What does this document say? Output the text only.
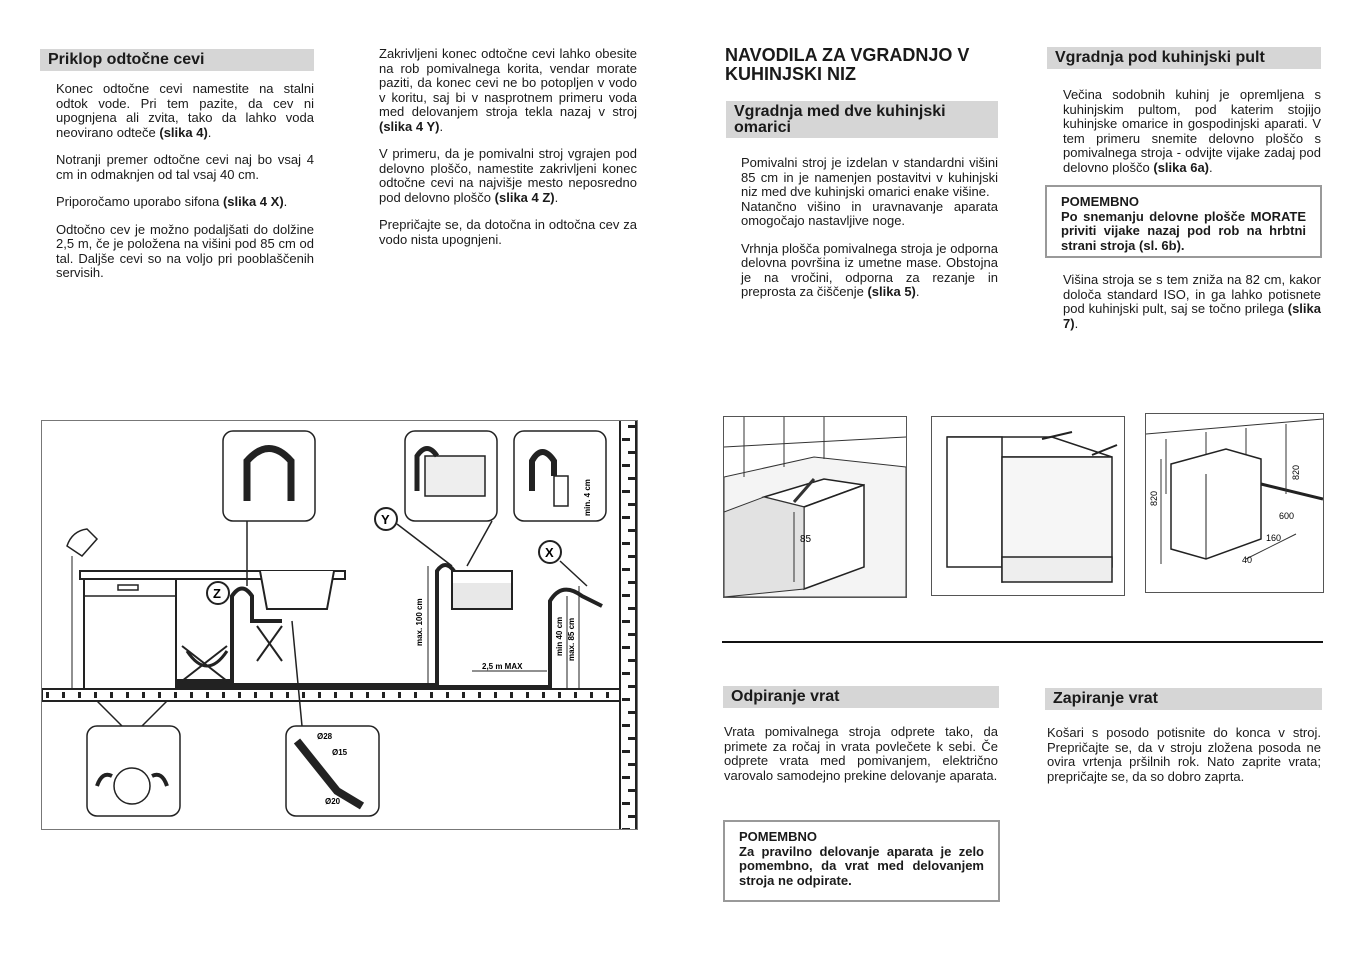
Priklop odtočne cevi

Konec odtočne cevi namestite na stalni odtok vode. Pri tem pazite, da cev ni upognjena ali zvita, tako da lahko voda neovirano odteče (slika 4).

Notranji premer odtočne cevi naj bo vsaj 4 cm in odmaknjen od tal vsaj 40 cm.

Priporočamo uporabo sifona (slika 4 X).

Odtočno cev je možno podaljšati do dolžine 2,5 m, če je položena na višini pod 85 cm od tal. Daljše cevi so na voljo pri pooblaščenih servisih.

Zakrivljeni konec odtočne cevi lahko obesite na rob pomivalnega korita, vendar morate paziti, da konec cevi ne bo potopljen v vodo v koritu, saj bi v nasprotnem primeru voda med delovanjem stroja tekla nazaj v stroj (slika 4 Y).

V primeru, da je pomivalni stroj vgrajen pod delovno ploščo, namestite zakrivljeni konec odtočne cevi na najvišje mesto neposredno pod delovno ploščo (slika 4 Z).

Prepričajte se, da dotočna in odtočna cev za vodo nista upognjeni.

2,5 m MAX
max. 100 cm	min 40 cm max. 85 cm
min. 4 cm
Z
Y
X
Ø28
Ø15
Ø20
NAVODILA ZA VGRADNJO V KUHINJSKI NIZ
Vgradnja med dve kuhinjski omarici

Pomivalni stroj je izdelan v standardni višini 85 cm in je namenjen postavitvi v kuhinjski niz med dve kuhinjski omarici enake višine.

Natančno višino in uravnavanje aparata omogočajo nastavljive noge.

Vrhnja plošča pomivalnega stroja je odporna delovna površina iz umetne mase. Obstojna je na vročini, odporna za rezanje in preprosta za čiščenje (slika 5).

Vgradnja pod kuhinjski pult

Večina sodobnih kuhinj je opremljena s kuhinjskim pultom, pod katerim stojijo kuhinjske omarice in gospodinjski aparati. V tem primeru snemite delovno ploščo s pomivalnega stroja - odvijte vijake zadaj pod delovno ploščo (slika 6a).

POMEMBNO
Po snemanju delovne plošče MORATE priviti vijake nazaj pod rob na hrbtni strani stroja (sl. 6b).

Višina stroja se s tem zniža na 82 cm, kakor določa standard ISO, in ga lahko potisnete pod kuhinjski pult, saj se točno prilega (slika 7).

85
820
820
600
160
40
Odpiranje vrat

Vrata pomivalnega stroja odprete tako, da primete za ročaj in vrata povlečete k sebi. Če odprete vrata med pomivanjem, električno varovalo samodejno prekine delovanje aparata.

POMEMBNO
Za pravilno delovanje aparata je zelo pomembno, da vrat med delovanjem stroja ne odpirate.
Zapiranje vrat

Košari s posodo potisnite do konca v stroj. Prepričajte se, da v stroju zložena posoda ne ovira vrtenja pršilnih rok. Nato zaprite vrata; prepričajte se, da so dobro zaprta.
